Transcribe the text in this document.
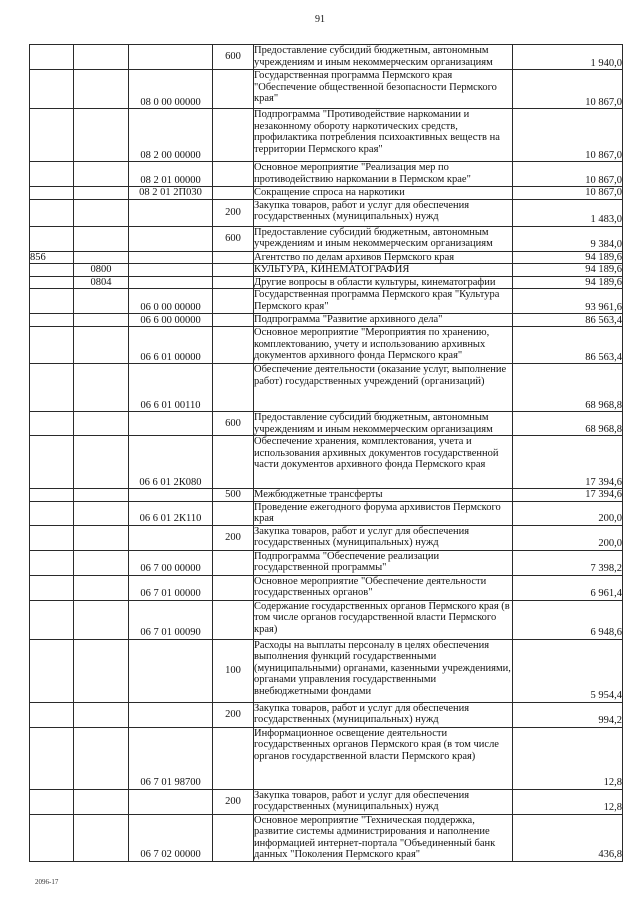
91
			600	Предоставление субсидий бюджетным, автономным учреждениям и иным некоммерческим организациям	1 940,0
		08 0 00 00000		Государственная программа Пермского края "Обеспечение общественной безопасности Пермского края"	10 867,0
		08 2 00 00000		Подпрограмма "Противодействие наркомании и незаконному обороту наркотических средств, профилактика потребления психоактивных веществ на территории Пермского края"	10 867,0
		08 2 01 00000		Основное мероприятие "Реализация мер по противодействию наркомании в Пермском крае"	10 867,0
		08 2 01 2П030		Сокращение спроса на наркотики	10 867,0
			200	Закупка товаров, работ и услуг для обеспечения государственных (муниципальных) нужд	1 483,0
			600	Предоставление субсидий бюджетным, автономным учреждениям и иным некоммерческим организациям	9 384,0
856				Агентство по делам архивов Пермского края	94 189,6
	0800			КУЛЬТУРА, КИНЕМАТОГРАФИЯ	94 189,6
	0804			Другие вопросы в области культуры, кинематографии	94 189,6
		06 0 00 00000		Государственная программа Пермского края "Культура Пермского края"	93 961,6
		06 6 00 00000		Подпрограмма "Развитие архивного дела"	86 563,4
		06 6 01 00000		Основное мероприятие "Мероприятия по хранению, комплектованию, учету и использованию архивных документов архивного фонда Пермского края"	86 563,4
		06 6 01 00110		Обеспечение деятельности (оказание услуг, выполнение работ) государственных учреждений (организаций)	68 968,8
			600	Предоставление субсидий бюджетным, автономным учреждениям и иным некоммерческим организациям	68 968,8
		06 6 01 2К080		Обеспечение хранения, комплектования, учета и использования архивных документов государственной части документов архивного фонда Пермского края	17 394,6
			500	Межбюджетные трансферты	17 394,6
		06 6 01 2К110		Проведение ежегодного форума архивистов Пермского края	200,0
			200	Закупка товаров, работ и услуг для обеспечения государственных (муниципальных) нужд	200,0
		06 7 00 00000		Подпрограмма "Обеспечение реализации государственной программы"	7 398,2
		06 7 01 00000		Основное мероприятие "Обеспечение деятельности государственных органов"	6 961,4
		06 7 01 00090		Содержание государственных органов Пермского края (в том числе органов государственной власти Пермского края)	6 948,6
			100	Расходы на выплаты персоналу в целях обеспечения выполнения функций государственными (муниципальными) органами, казенными учреждениями, органами управления государственными внебюджетными фондами	5 954,4
			200	Закупка товаров, работ и услуг для обеспечения государственных (муниципальных) нужд	994,2
		06 7 01 98700		Информационное освещение деятельности государственных органов Пермского края (в том числе органов государственной власти Пермского края)	12,8
			200	Закупка товаров, работ и услуг для обеспечения государственных (муниципальных) нужд	12,8
		06 7 02 00000		Основное мероприятие "Техническая поддержка, развитие системы администрирования и наполнение информацией интернет-портала "Объединенный банк данных "Поколения Пермского края"	436,8
2096-17
